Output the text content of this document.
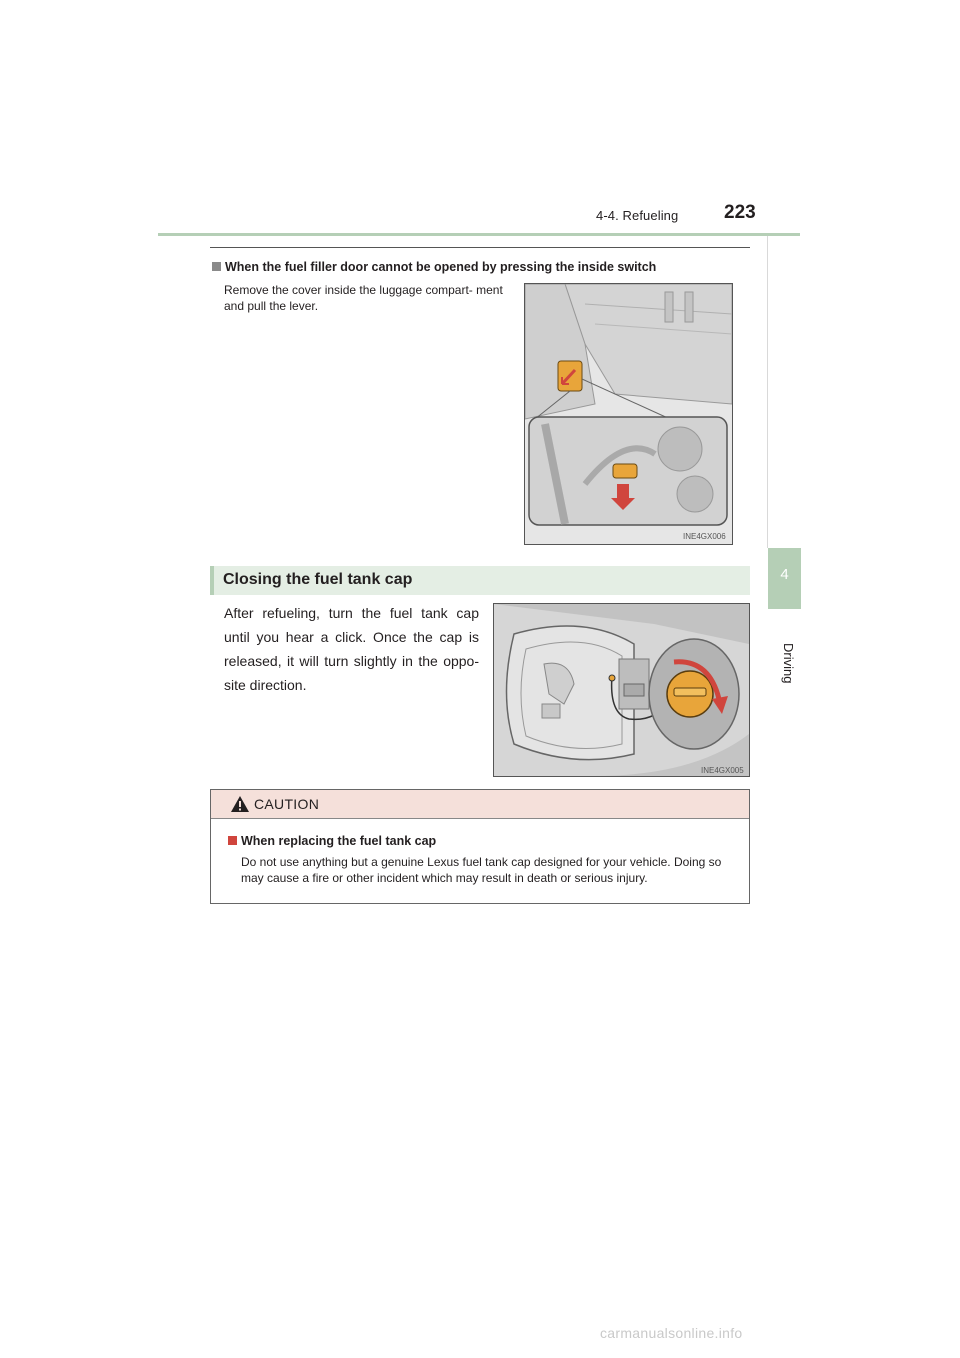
4-4. Refueling 223
4
Driving
When the fuel filler door cannot be opened by pressing the inside switch
Remove the cover inside the luggage compart- ment and pull the lever.
INE4GX006
Closing the fuel tank cap
After refueling, turn the fuel tank cap until you hear a click. Once the cap is released, it will turn slightly in the oppo- site direction.
INE4GX005
CAUTION
When replacing the fuel tank cap
Do not use anything but a genuine Lexus fuel tank cap designed for your vehicle. Doing so may cause a fire or other incident which may result in death or serious injury.
carmanualsonline.info
